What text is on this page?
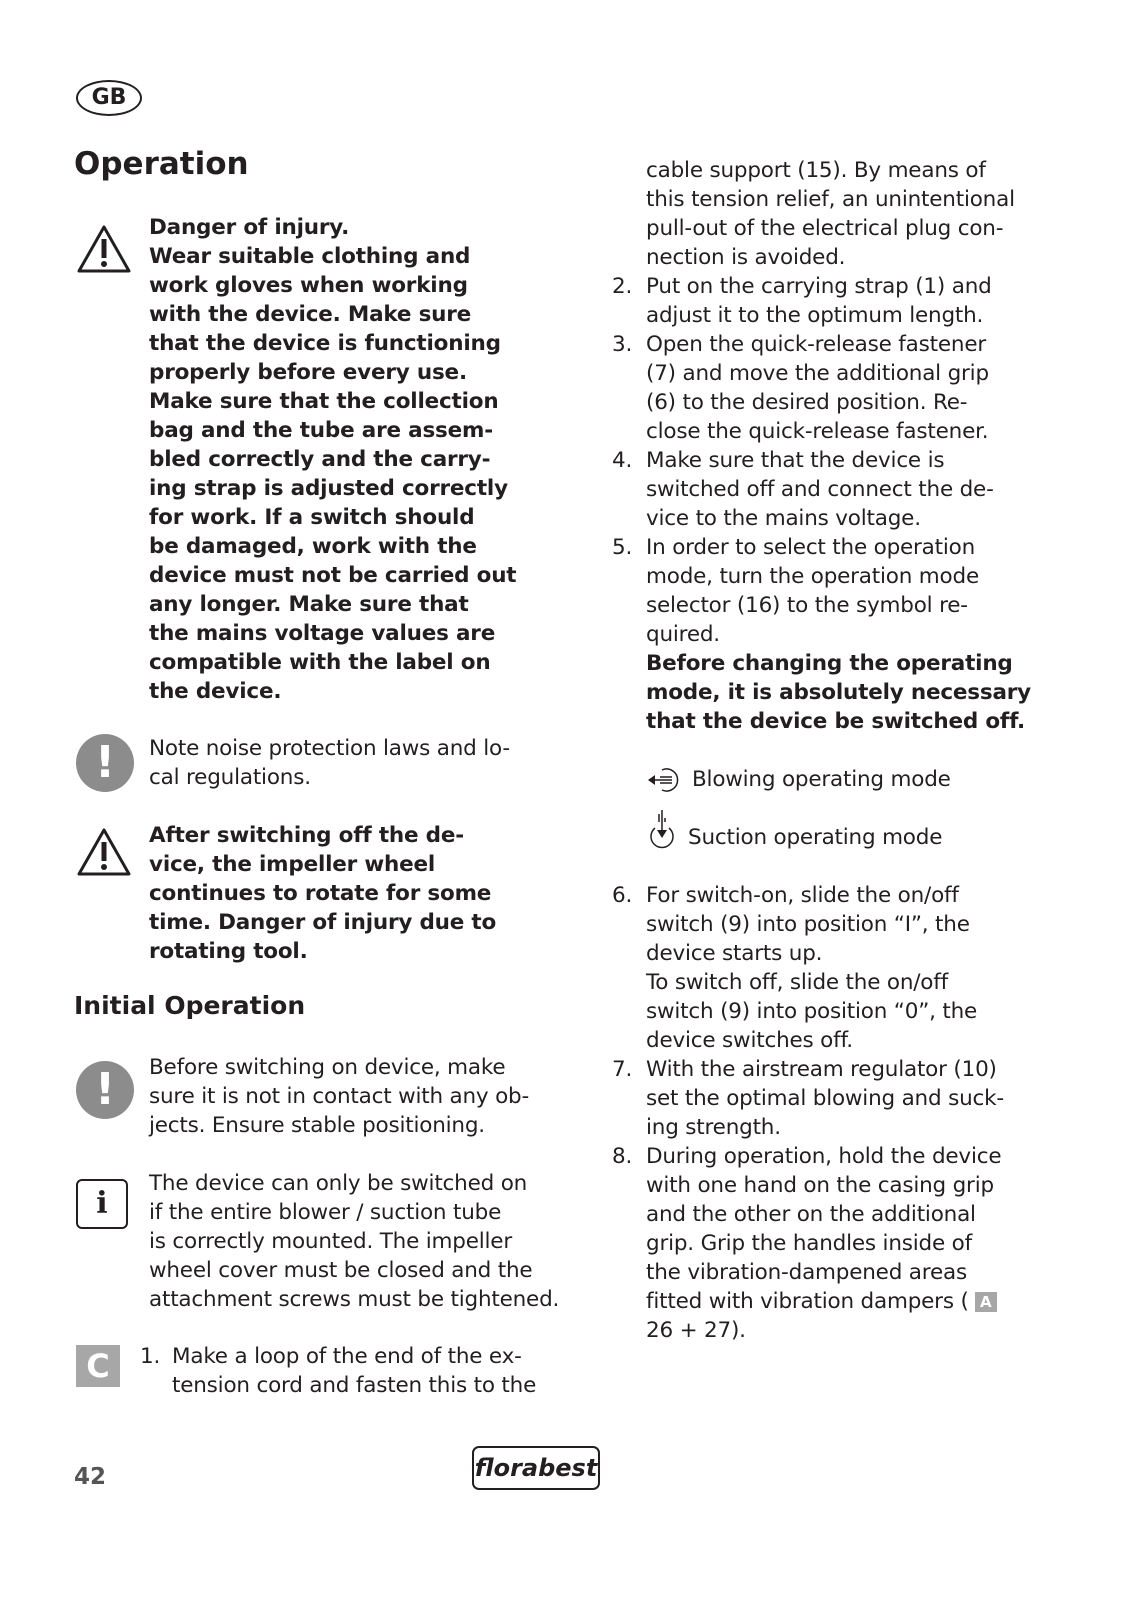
GB
Operation
Danger of injury.
Wear suitable clothing and
work gloves when working
with the device. Make sure
that the device is functioning
properly before every use.
Make sure that the collection
bag and the tube are assem-
bled correctly and the carry-
ing strap is adjusted correctly
for work. If a switch should
be damaged, work with the
device must not be carried out
any longer. Make sure that
the mains voltage values are
compatible with the label on
the device.
!	Note noise protection laws and lo-
cal regulations.
After switching off the de-
vice, the impeller wheel
continues to rotate for some
time. Danger of injury due to
rotating tool.
Initial Operation
!	Before switching on device, make
sure it is not in contact with any ob-
jects. Ensure stable positioning.
i
The device can only be switched on
if the entire blower / suction tube
is correctly mounted. The impeller
wheel cover must be closed and the
attachment screws must be tightened.
C	1. Make a loop of the end of the ex-
tension cord and fasten this to the
cable support (15). By means of
this tension relief, an unintentional
pull-out of the electrical plug con-
nection is avoided.
2. Put on the carrying strap (1) and
adjust it to the optimum length.
3. Open the quick-release fastener
(7) and move the additional grip
(6) to the desired position. Re-
close the quick-release fastener.
4. Make sure that the device is
switched off and connect the de-
vice to the mains voltage.
5. In order to select the operation
mode, turn the operation mode
selector (16) to the symbol re-
quired.
Before changing the operating
mode, it is absolutely necessary
that the device be switched off.
Blowing operating mode
Suction operating mode
6. For switch-on, slide the on/off
switch (9) into position “I”, the
device starts up.
To switch off, slide the on/off
switch (9) into position “0”, the
device switches off.
7. With the airstream regulator (10)
set the optimal blowing and suck-
ing strength.
8. During operation, hold the device
with one hand on the casing grip
and the other on the additional
grip. Grip the handles inside of
the vibration-dampened areas
fitted with vibration dampers ( A
26 + 27).
42	florabest
